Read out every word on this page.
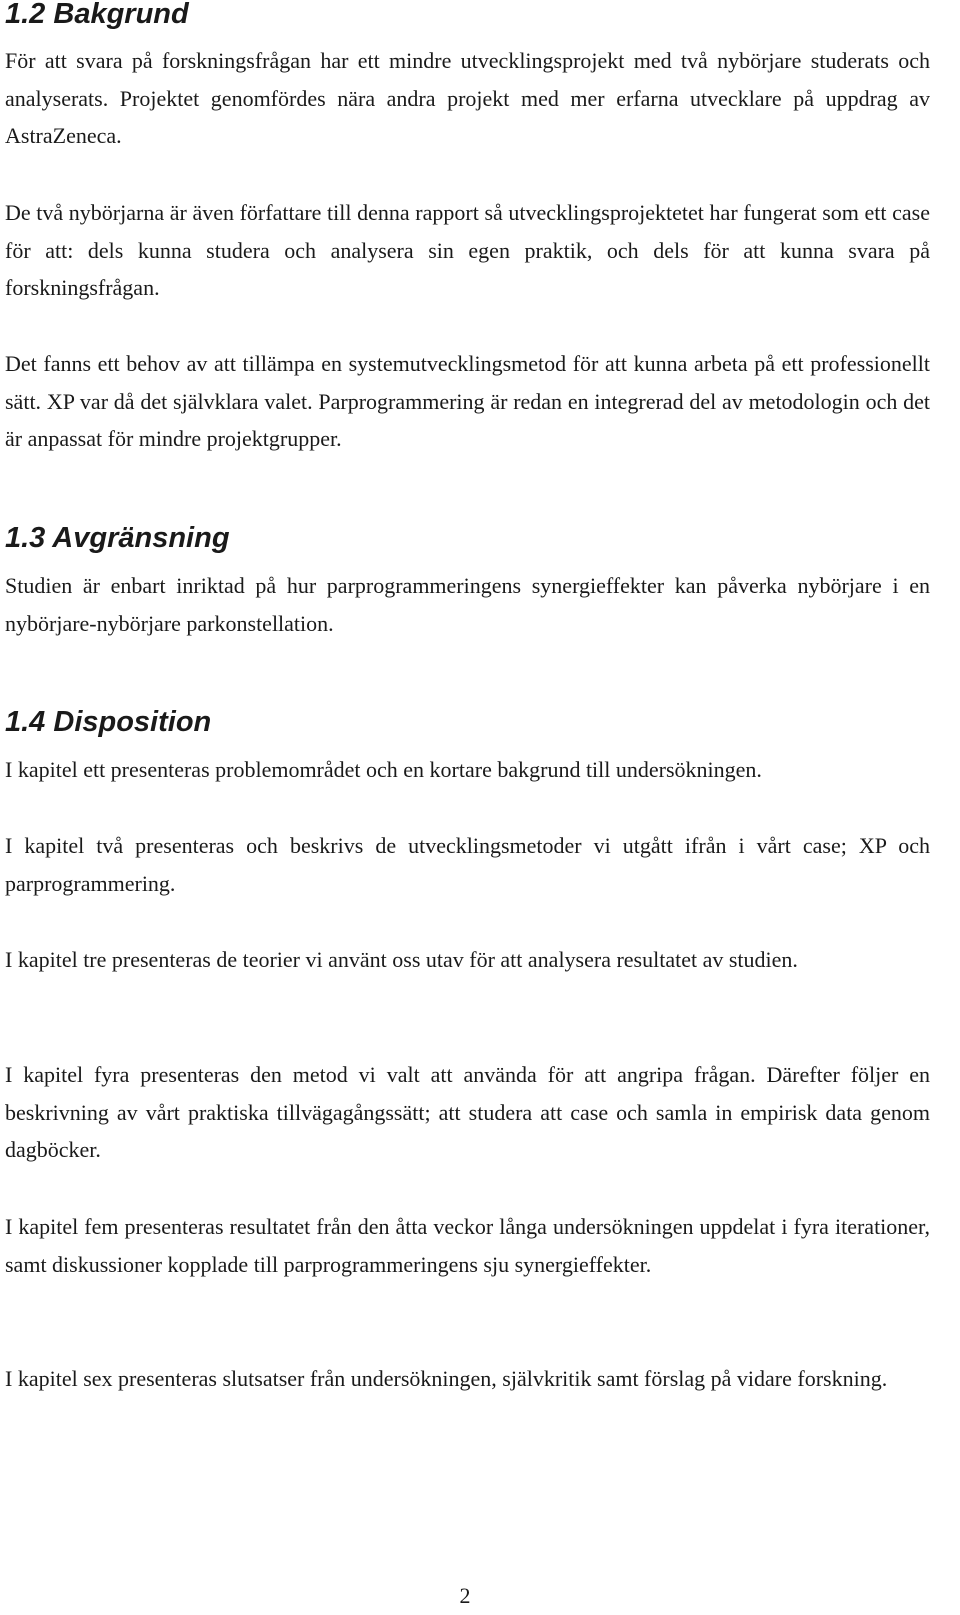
1.2 Bakgrund

För att svara på forskningsfrågan har ett mindre utvecklingsprojekt med två nybörjare studerats och analyserats. Projektet genomfördes nära andra projekt med mer erfarna utvecklare på uppdrag av AstraZeneca.

De två nybörjarna är även författare till denna rapport så utvecklingsprojektetet har fungerat som ett case för att: dels kunna studera och analysera sin egen praktik, och dels för att kunna svara på forskningsfrågan.

Det fanns ett behov av att tillämpa en systemutvecklingsmetod för att kunna arbeta på ett professionellt sätt. XP var då det självklara valet. Parprogrammering är redan en integrerad del av metodologin och det är anpassat för mindre projektgrupper.

1.3 Avgränsning

Studien är enbart inriktad på hur parprogrammeringens synergieffekter kan påverka nybörjare i en nybörjare-nybörjare parkonstellation.

1.4 Disposition

I kapitel ett presenteras problemområdet och en kortare bakgrund till undersökningen.

I kapitel två presenteras och beskrivs de utvecklingsmetoder vi utgått ifrån i vårt case; XP och parprogrammering.

I kapitel tre presenteras de teorier vi använt oss utav för att analysera resultatet av studien.

I kapitel fyra presenteras den metod vi valt att använda för att angripa frågan. Därefter följer en beskrivning av vårt praktiska tillvägagångssätt; att studera att case och samla in empirisk data genom dagböcker.

I kapitel fem presenteras resultatet från den åtta veckor långa undersökningen uppdelat i fyra iterationer, samt diskussioner kopplade till parprogrammeringens sju synergieffekter.

I kapitel sex presenteras slutsatser från undersökningen, självkritik samt förslag på vidare forskning.

2
